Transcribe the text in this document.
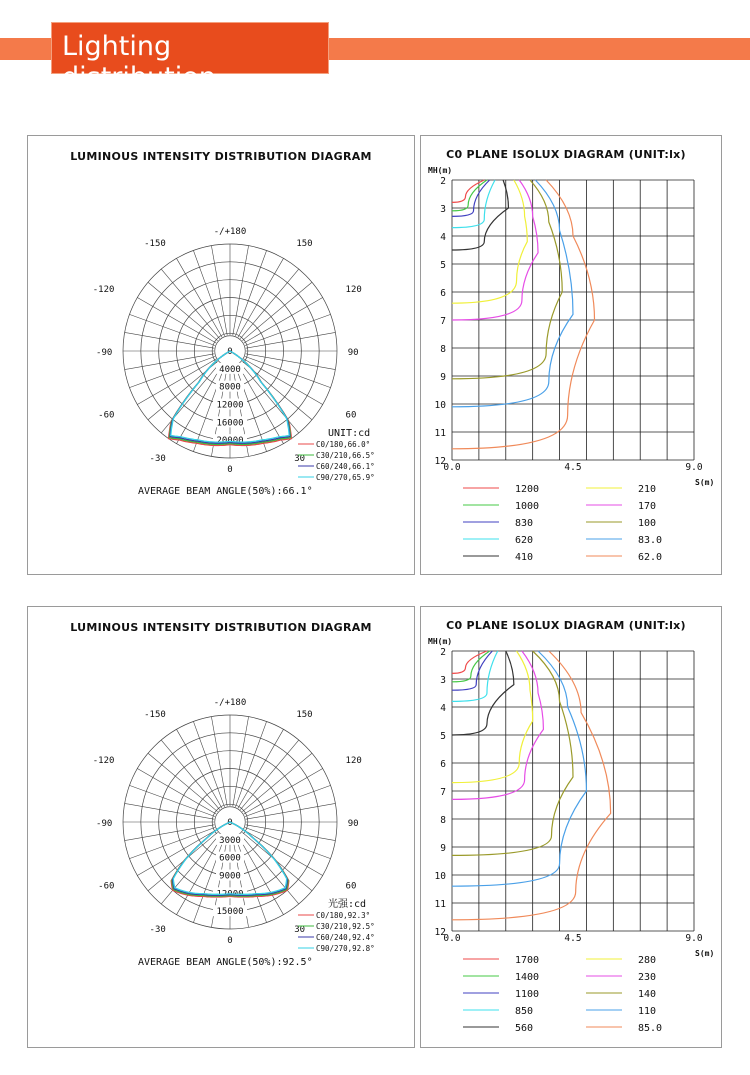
Lighting distribution
LUMINOUS INTENSITY DISTRIBUTION DIAGRAM
-/+180
-150	150
-120	120
-90	90
-60	60
-30	30
0
0
4000
8000
12000
16000
20000
UNIT:cd
C0/180,66.0°
C30/210,66.5°
C60/240,66.1°
C90/270,65.9°
AVERAGE BEAM ANGLE(50%):66.1°
C0 PLANE ISOLUX DIAGRAM (UNIT:lx)
MH(m)
2
3
4
5
6
7
8
9
10
11
12
0.0	4.5	9.0
S(m)
1200
1000
830
620
410
210
170
100
83.0
62.0
LUMINOUS INTENSITY DISTRIBUTION DIAGRAM
-/+180
-150	150
-120	120
-90	90
-60	60
-30	30
0
0
3000
6000
9000
12000
15000
光强:cd
C0/180,92.3°
C30/210,92.5°
C60/240,92.4°
C90/270,92.8°
AVERAGE BEAM ANGLE(50%):92.5°
C0 PLANE ISOLUX DIAGRAM (UNIT:lx)
MH(m)
2
3
4
5
6
7
8
9
10
11
12
0.0	4.5	9.0
S(m)
1700
1400
1100
850
560
280
230
140
110
85.0
